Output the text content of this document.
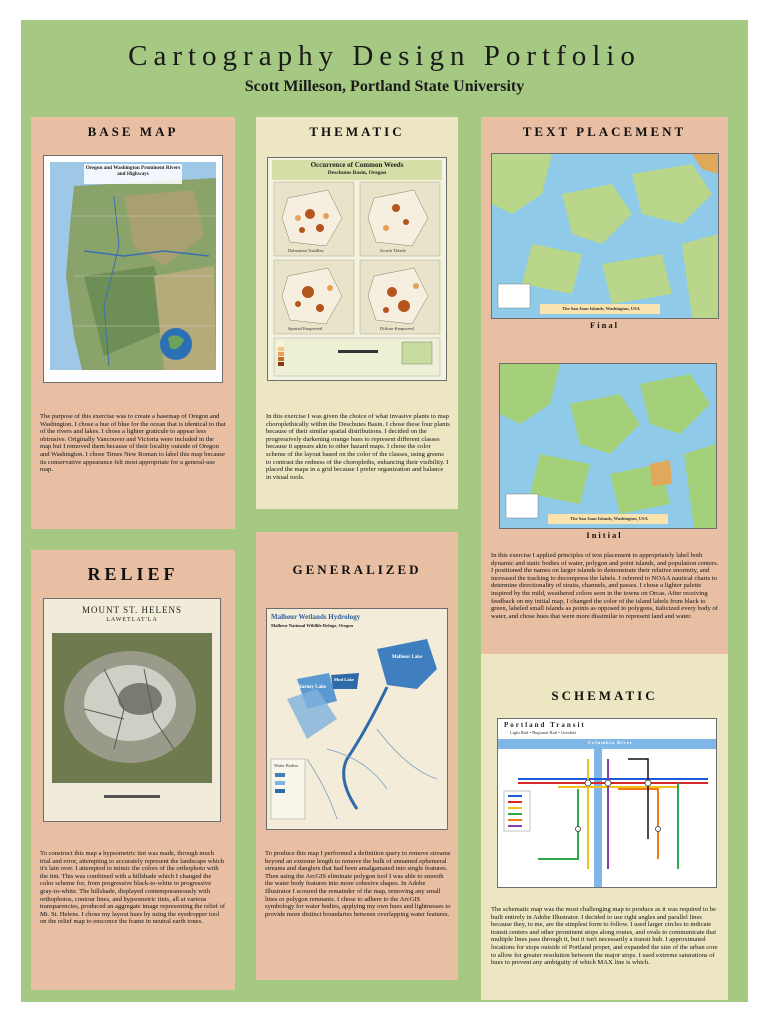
Cartography Design Portfolio
Scott Milleson, Portland State University
BASE MAP
Oregon and Washington Prominent Rivers and Highways
The purpose of this exercise was to create a basemap of Oregon and Washington. I chose a hue of blue for the ocean that is identical to that of the rivers and lakes. I chose a lighter graticule to appear less obtrusive. Originally Vancouver and Victoria were included in the map but I removed them because of their locality outside of Oregon and Washington. I chose Times New Roman to label this map because its conservative appearance felt most appropriate for a general-use map.
THEMATIC
Occurrence of Common Weeds
Deschutes Basin, Oregon
Dalmatian Toadflax	Scotch Thistle
Spotted Knapweed	Diffuse Knapweed
In this exercise I was given the choice of what invasive plants to map choroplethically within the Deschutes Basin. I chose these four plants because of their similar spatial distributions. I decided on the progressively darkening orange hues to represent different classes because it appears akin to other hazard maps. I chose the color scheme of the layout based on the color of the classes, using greens to contrast the redness of the choropleths, enhancing their visibility. I placed the maps in a grid because I prefer organization and balance in visual tools.
TEXT PLACEMENT
The San Juan Islands, Washington, USA
Final
The San Juan Islands, Washington, USA
Initial
In this exercise I applied principles of text placement to appropriately label both dynamic and static bodies of water, polygon and point islands, and population centers. I positioned the names on larger islands to demonstrate their relative enormity, and increased the tracking to decompress the labels. I referred to NOAA nautical charts to determine directionality of straits, channels, and passes. I chose a lighter palette inspired by the mild, weathered colors seen in the towns on Orcas. After receiving feedback on my initial map, I changed the color of the island labels from black to green, labeled small islands as points as opposed to polygons, italicized every body of water, and chose hues that were more dissimilar to represent land and water.
RELIEF
MOUNT ST. HELENS
LAWETLAT'LA
To construct this map a hypsometric tint was made, through much trial and error, attempting to accurately represent the landscape which it's lain over. I attempted to mimic the colors of the orthophoto with the tint. This was combined with a hillshade which I changed the color scheme for, from progressive black-to-white to progressive gray-to-white. The hillshade, displayed contemporaneously with orthophotos, contour lines, and hypsometric tints, all at various transparencies, produced an aggregate image representing the relief of Mt. St. Helens. I chose my layout hues by using the eyedropper tool on the relief map to ensconce the frame in neutral earth tones.
GENERALIZED
Malheur Wetlands Hydrology
Malheur National Wildlife Refuge, Oregon
Malheur Lake
Harney Lake
Mud Lake
Water Bodies
To produce this map I performed a definition query to remove streams beyond an extreme length to remove the bulk of unnamed ephemeral streams and danglers that had been amalgamated into single features. Then using the ArcGIS eliminate polygon tool I was able to smooth the water body features into more cohesive shapes. In Adobe Illustrator I scoured the remainder of the map, removing any small lines or polygon remnants. I chose to adhere to the ArcGIS symbology for water bodies, applying my own hues and lightnesses to provide more distinct boundaries between overlapping water features.
SCHEMATIC
Portland Transit
Light Rail • Regional Rail • Gondola
Columbia River
The schematic map was the most challenging map to produce as it was required to be built entirely in Adobe Illustrator. I decided to use right angles and parallel lines because they, to me, are the simplest form to follow. I used larger circles to indicate transit centers and other prominent stops along routes, and ovals to communicate that multiple lines pass through it, but it isn't necessarily a transit hub. I approximated locations for stops outside of Portland proper, and expanded the size of the urban core to allow for greater resolution between the major stops. I used extreme saturations of hues to prevent any ambiguity of which MAX line is which.
